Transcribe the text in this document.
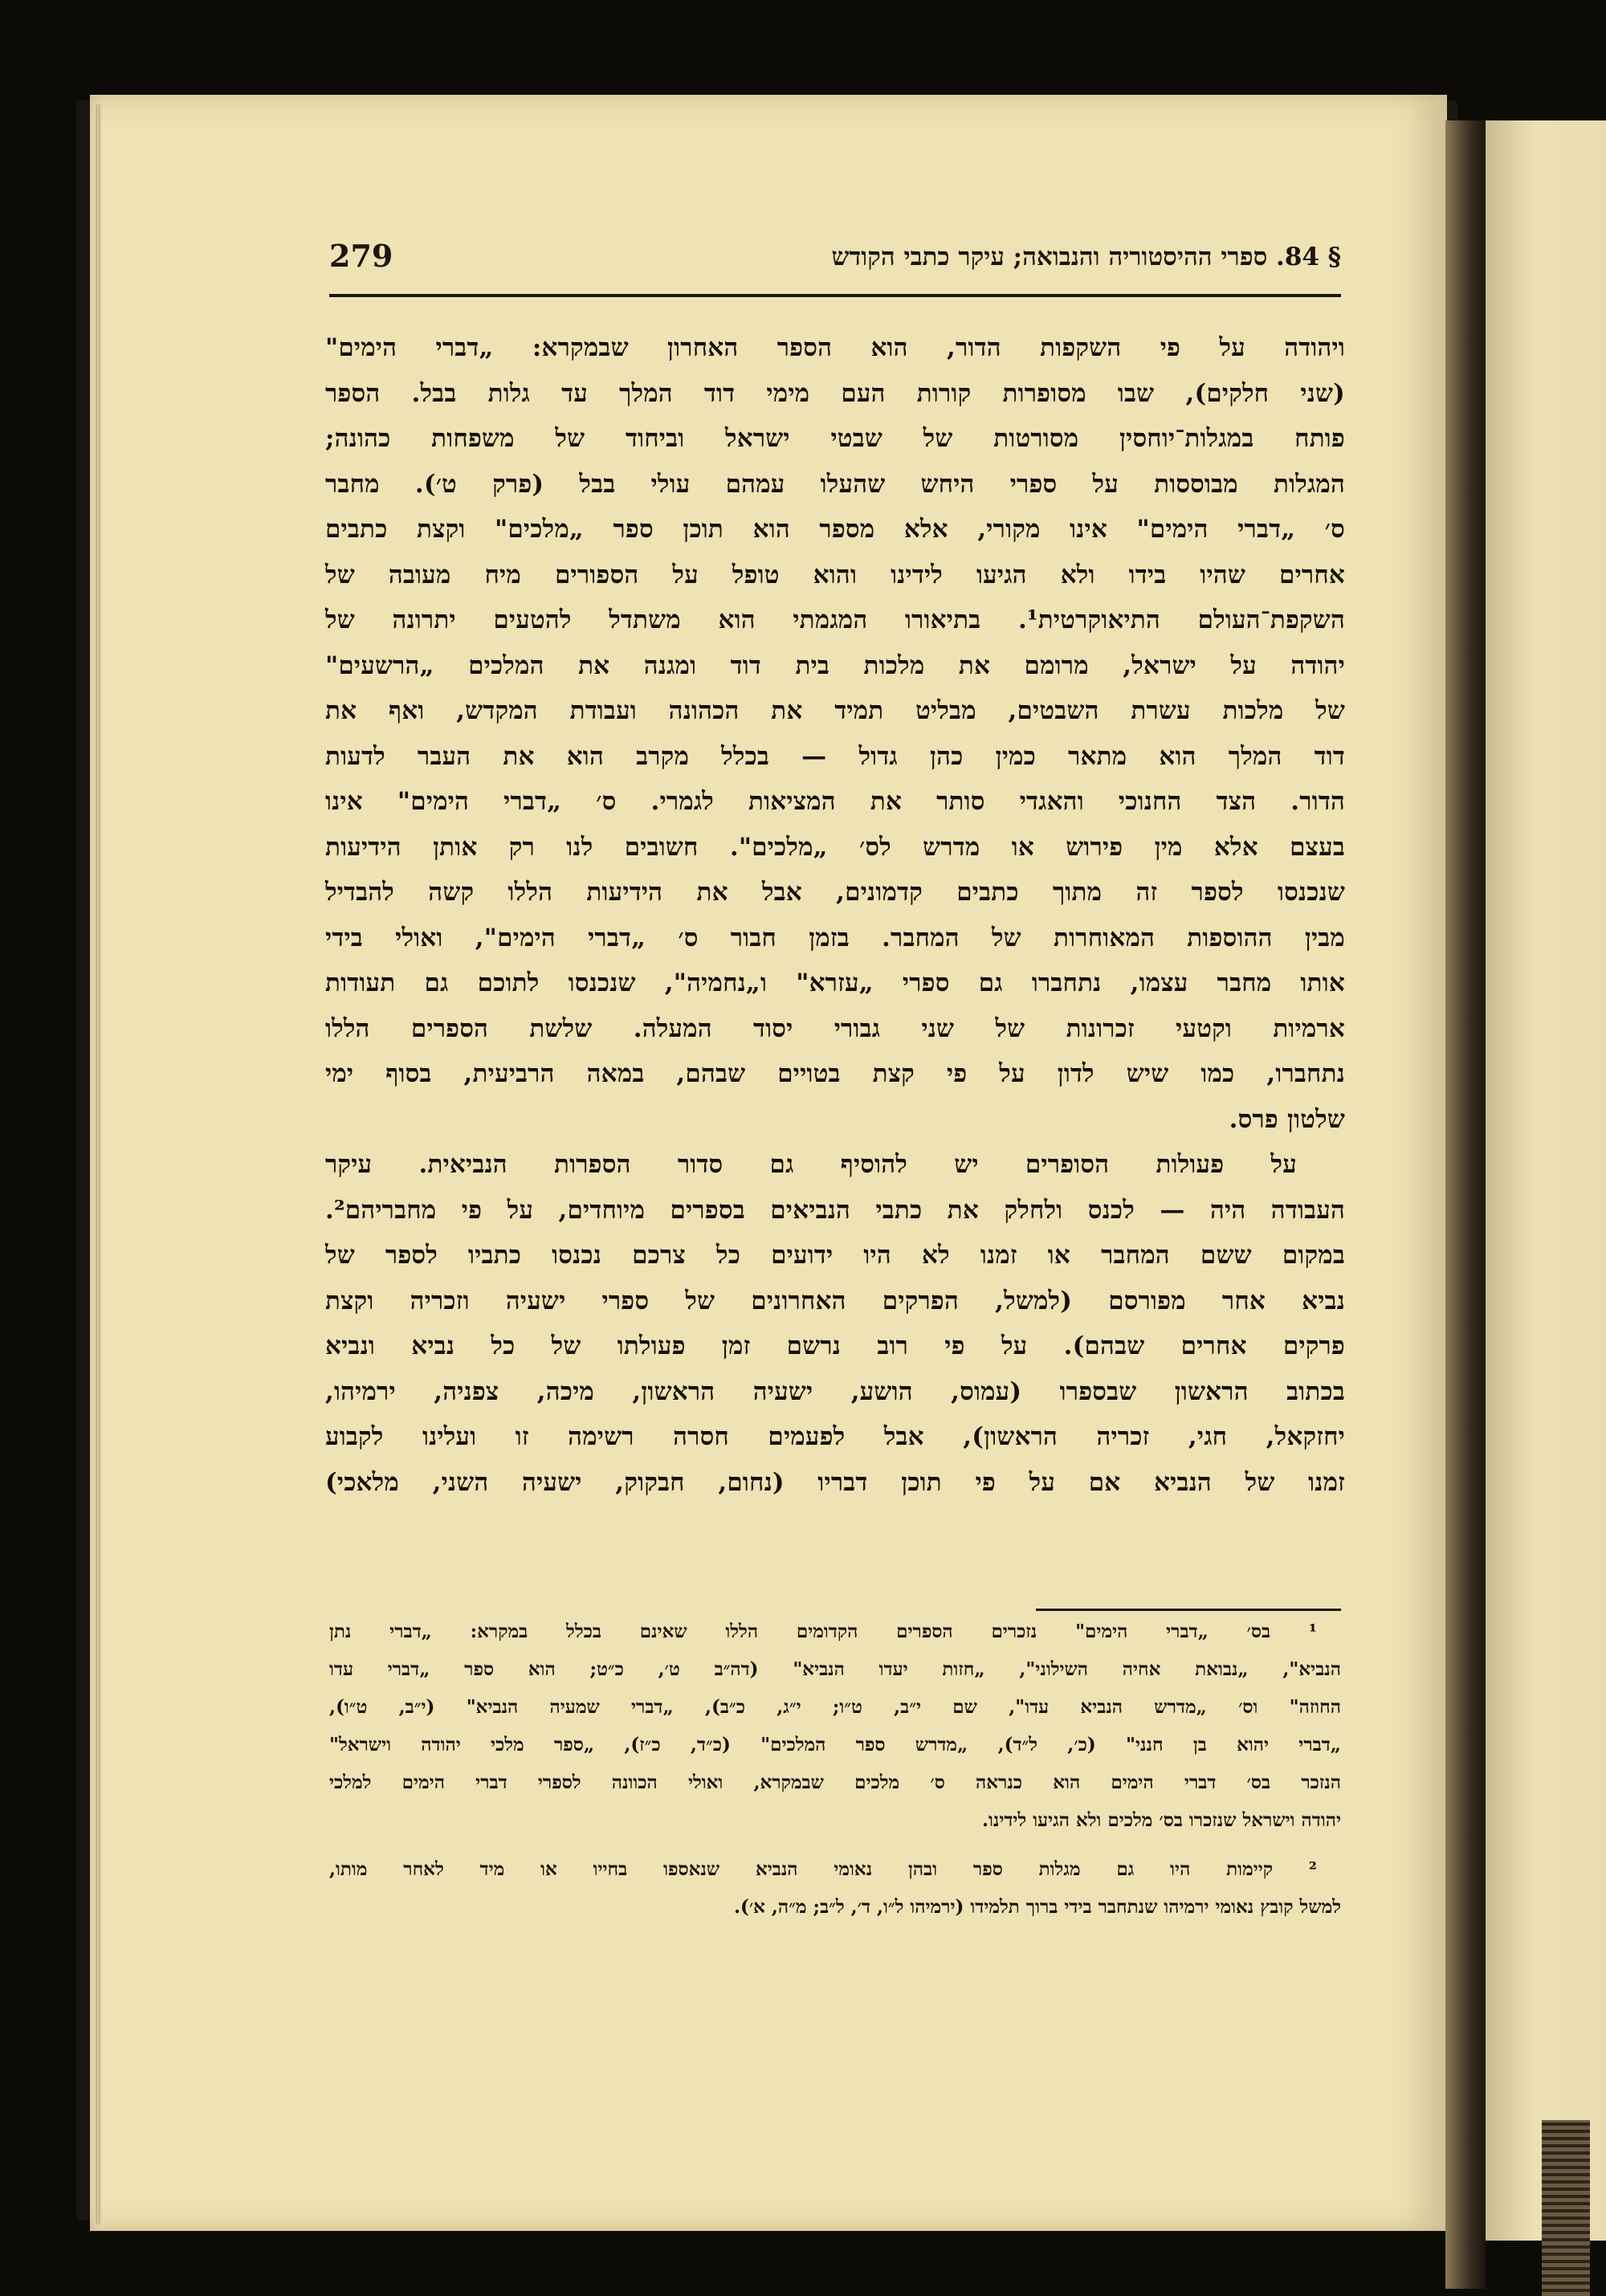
279	§ 84. ספרי ההיסטוריה והנבואה; עיקר כתבי הקודש
ויהודה על פי השקפות הדור, הוא הספר האחרון שבמקרא: „דברי הימים"
(שני חלקים), שבו מסופרות קורות העם מימי דוד המלך עד גלות בבל. הספר
פותח במגלות־יוחסין מסורטות של שבטי ישראל וביחוד של משפחות כהונה;
המגלות מבוססות על ספרי היחש שהעלו עמהם עולי בבל (פרק ט׳). מחבר
ס׳ „דברי הימים" אינו מקורי, אלא מספר הוא תוכן ספר „מלכים" וקצת כתבים
אחרים שהיו בידו ולא הגיעו לידינו והוא טופל על הספורים מיח מעובה של
השקפת־העולם התיאוקרטית¹. בתיאורו המגמתי הוא משתדל להטעים יתרונה של
יהודה על ישראל, מרומם את מלכות בית דוד ומגנה את המלכים „הרשעים"
של מלכות עשרת השבטים, מבליט תמיד את הכהונה ועבודת המקדש, ואף את
דוד המלך הוא מתאר כמין כהן גדול — בכלל מקרב הוא את העבר לדעות
הדור. הצד החנוכי והאגדי סותר את המציאות לגמרי. ס׳ „דברי הימים" אינו
בעצם אלא מין פירוש או מדרש לס׳ „מלכים". חשובים לנו רק אותן הידיעות
שנכנסו לספר זה מתוך כתבים קדמונים, אבל את הידיעות הללו קשה להבדיל
מבין ההוספות המאוחרות של המחבר. בזמן חבור ס׳ „דברי הימים", ואולי בידי
אותו מחבר עצמו, נתחברו גם ספרי „עזרא" ו„נחמיה", שנכנסו לתוכם גם תעודות
ארמיות וקטעי זכרונות של שני גבורי יסוד המעלה. שלשת הספרים הללו
נתחברו, כמו שיש לדון על פי קצת בטויים שבהם, במאה הרביעית, בסוף ימי
שלטון פרס.
על פעולות הסופרים יש להוסיף גם סדור הספרות הנביאית. עיקר
העבודה היה — לכנס ולחלק את כתבי הנביאים בספרים מיוחדים, על פי מחבריהם².
במקום ששם המחבר או זמנו לא היו ידועים כל צרכם נכנסו כתביו לספר של
נביא אחר מפורסם (למשל, הפרקים האחרונים של ספרי ישעיה וזכריה וקצת
פרקים אחרים שבהם). על פי רוב נרשם זמן פעולתו של כל נביא ונביא
בכתוב הראשון שבספרו (עמוס, הושע, ישעיה הראשון, מיכה, צפניה, ירמיהו,
יחזקאל, חגי, זכריה הראשון), אבל לפעמים חסרה רשימה זו ועלינו לקבוע
זמנו של הנביא אם על פי תוכן דבריו (נחום, חבקוק, ישעיה השני, מלאכי)
¹ בס׳ „דברי הימים" נזכרים הספרים הקדומים הללו שאינם בכלל במקרא: „דברי נתן
הנביא", „נבואת אחיה השילוני", „חזות יעדו הנביא" (דה״ב ט׳, כ״ט; הוא ספר „דברי עדו
החוזה" וס׳ „מדרש הנביא עדו", שם י״ב, ט״ו; י״ג, כ״ב), „דברי שמעיה הנביא" (י״ב, ט״ו),
„דברי יהוא בן חנני" (כ׳, ל״ד), „מדרש ספר המלכים" (כ״ד, כ״ז), „ספר מלכי יהודה וישראל"
הנזכר בס׳ דברי הימים הוא כנראה ס׳ מלכים שבמקרא, ואולי הכוונה לספרי דברי הימים למלכי
יהודה וישראל שנזכרו בס׳ מלכים ולא הגיעו לידינו.
² קיימות היו גם מגלות ספר ובהן נאומי הנביא שנאספו בחייו או מיד לאחר מותו,
למשל קובץ נאומי ירמיהו שנתחבר בידי ברוך תלמידו (ירמיהו ל״ו, ד׳, ל״ב; מ״ה, א׳).
